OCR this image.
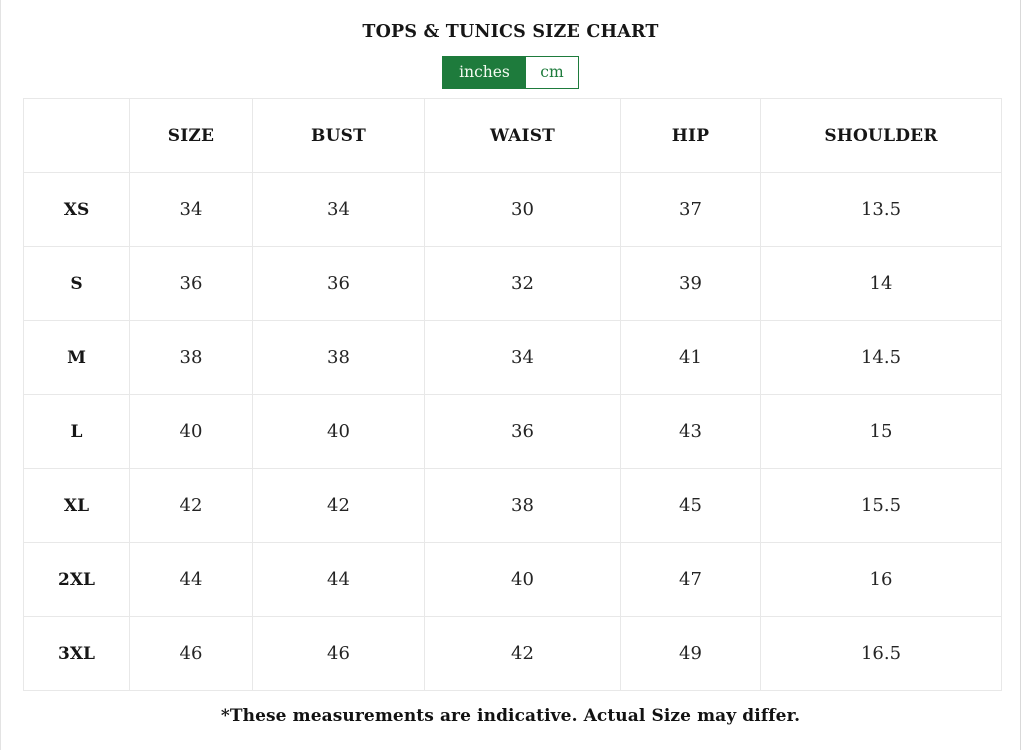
TOPS & TUNICS SIZE CHART
inches	cm
	SIZE	BUST	WAIST	HIP	SHOULDER
XS	34	34	30	37	13.5
S	36	36	32	39	14
M	38	38	34	41	14.5
L	40	40	36	43	15
XL	42	42	38	45	15.5
2XL	44	44	40	47	16
3XL	46	46	42	49	16.5
*These measurements are indicative. Actual Size may differ.
